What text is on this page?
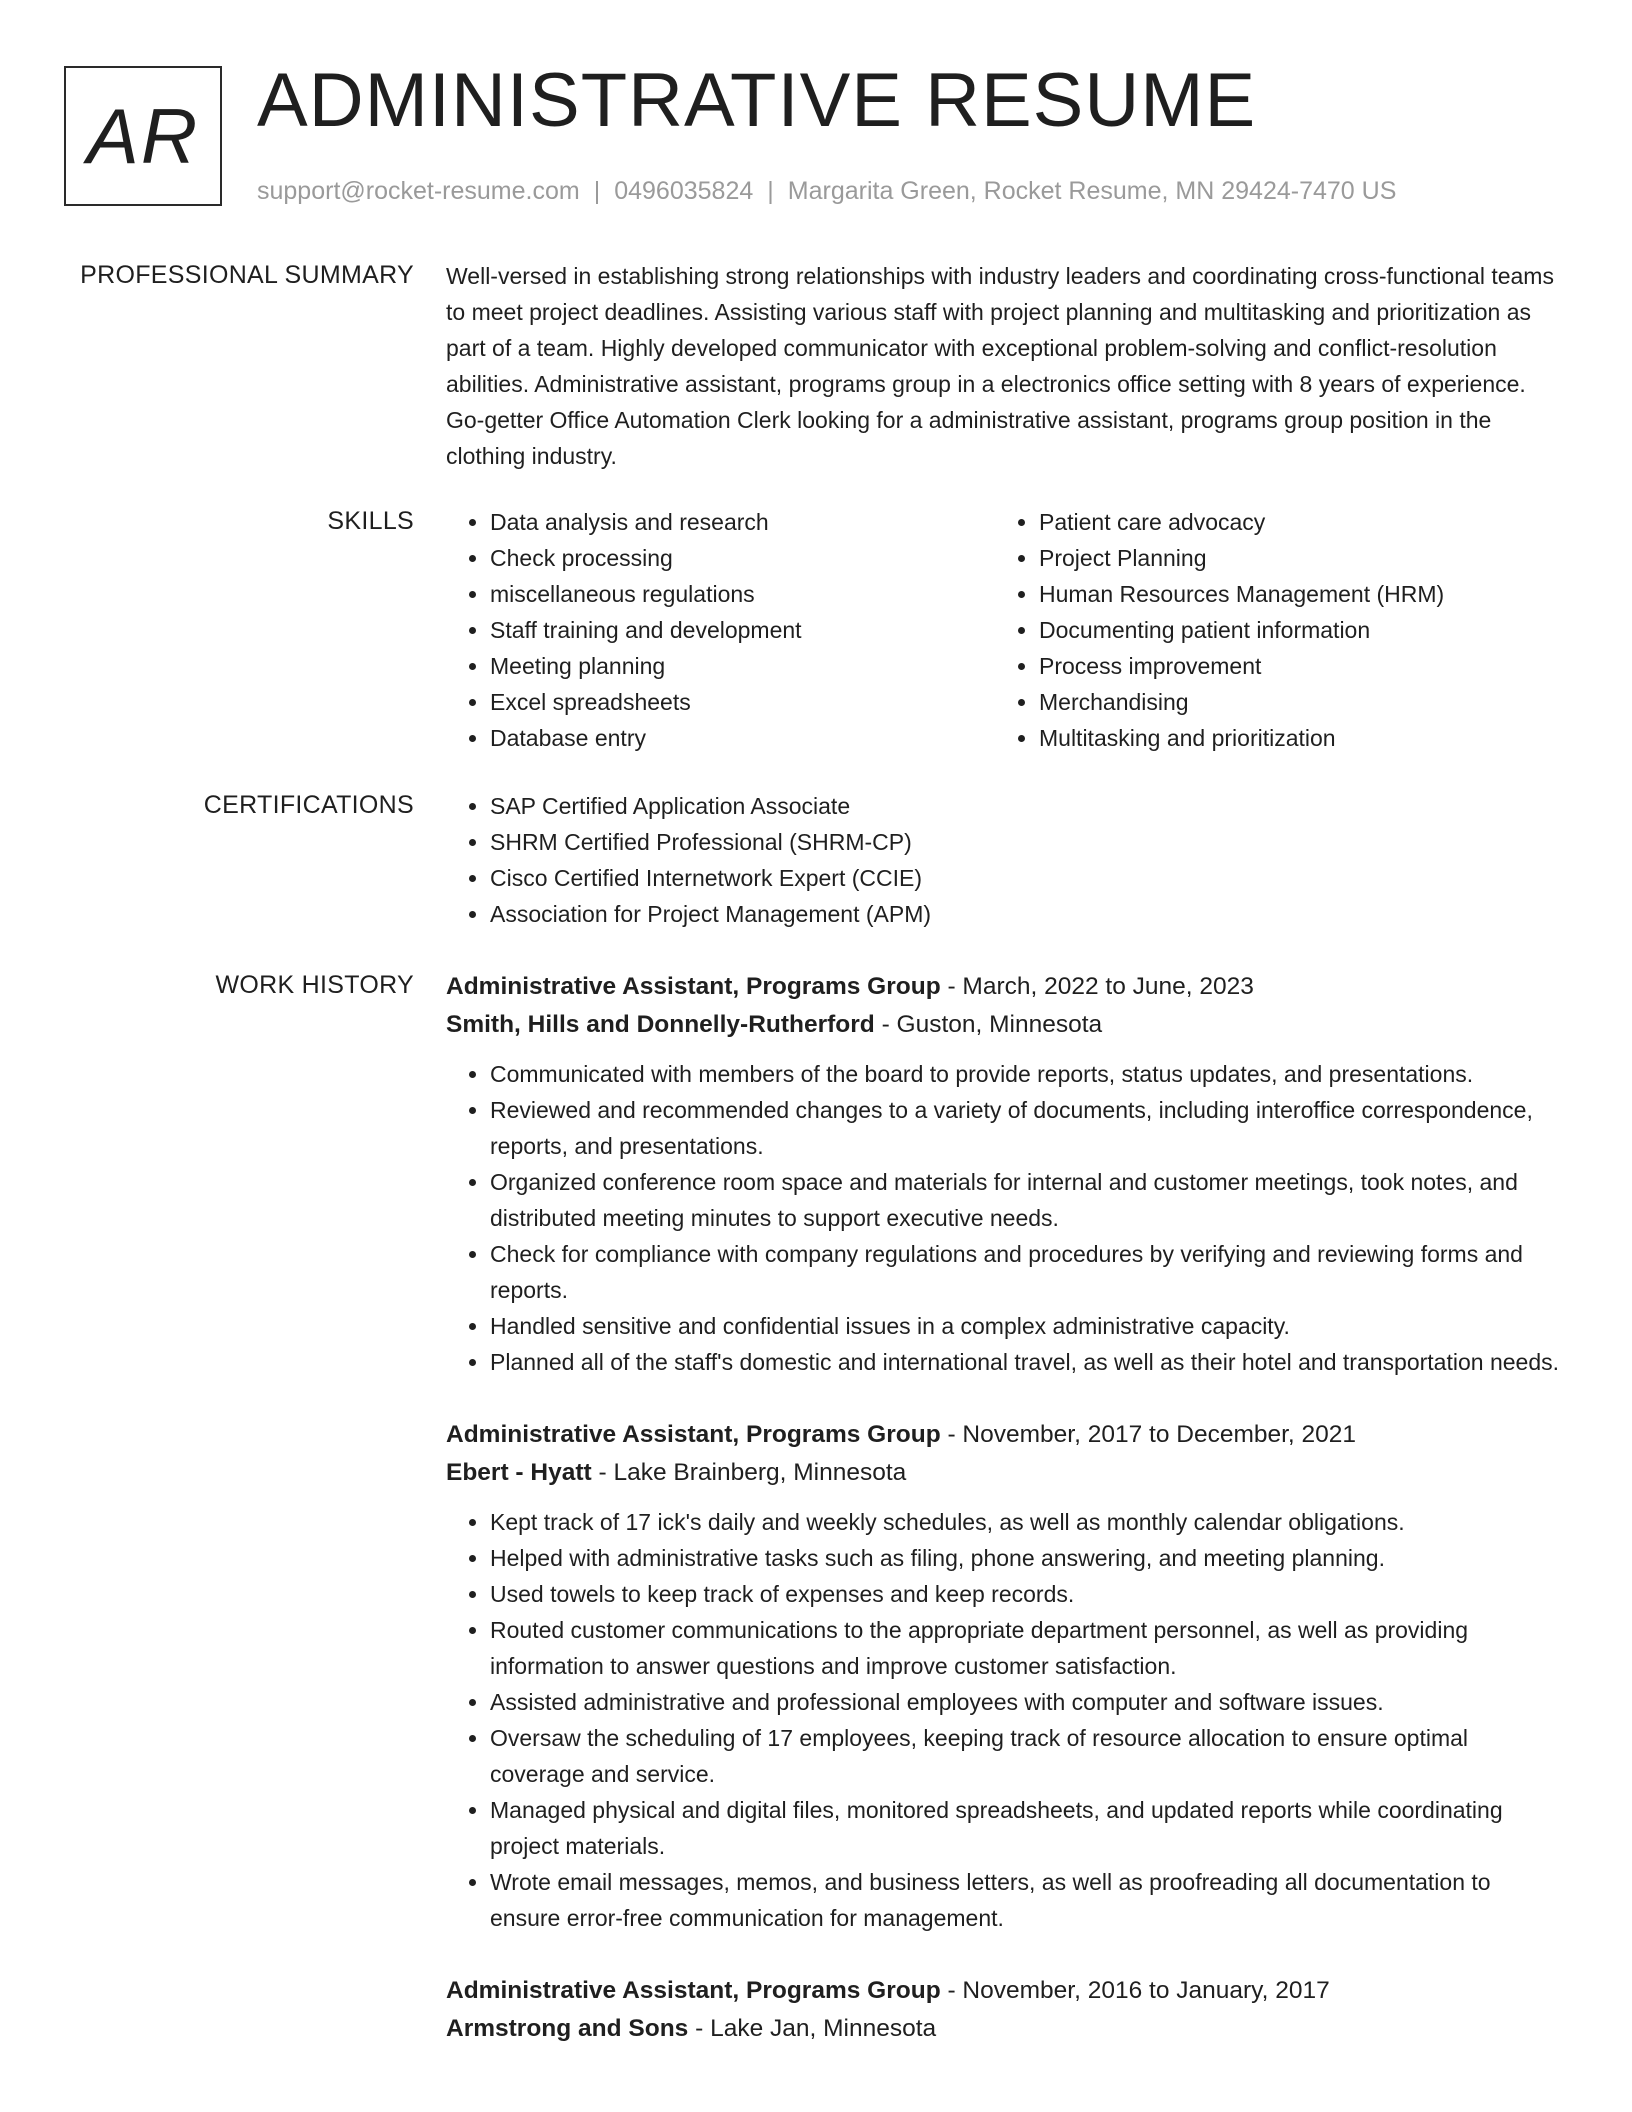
AR ADMINISTRATIVE RESUME
support@rocket-resume.com | 0496035824 | Margarita Green, Rocket Resume, MN 29424-7470 US
PROFESSIONAL SUMMARY Well-versed in establishing strong relationships with industry leaders and coordinating cross-functional teams to meet project deadlines. Assisting various staff with project planning and multitasking and prioritization as part of a team. Highly developed communicator with exceptional problem-solving and conflict-resolution abilities. Administrative assistant, programs group in a electronics office setting with 8 years of experience. Go-getter Office Automation Clerk looking for a administrative assistant, programs group position in the clothing industry.
SKILLS	• Data analysis and research
• Check processing
• miscellaneous regulations
• Staff training and development
• Meeting planning
• Excel spreadsheets
• Database entry
• Patient care advocacy
• Project Planning
• Human Resources Management (HRM)
• Documenting patient information
• Process improvement
• Merchandising
• Multitasking and prioritization
CERTIFICATIONS	• SAP Certified Application Associate
• SHRM Certified Professional (SHRM-CP)
• Cisco Certified Internetwork Expert (CCIE)
• Association for Project Management (APM)
WORK HISTORY Administrative Assistant, Programs Group - March, 2022 to June, 2023
Smith, Hills and Donnelly-Rutherford - Guston, Minnesota
• Communicated with members of the board to provide reports, status updates, and presentations.
• Reviewed and recommended changes to a variety of documents, including interoffice correspondence, reports, and presentations.
• Organized conference room space and materials for internal and customer meetings, took notes, and distributed meeting minutes to support executive needs.
• Check for compliance with company regulations and procedures by verifying and reviewing forms and reports.
• Handled sensitive and confidential issues in a complex administrative capacity.
• Planned all of the staff's domestic and international travel, as well as their hotel and transportation needs.
Administrative Assistant, Programs Group - November, 2017 to December, 2021
Ebert - Hyatt - Lake Brainberg, Minnesota
• Kept track of 17 ick's daily and weekly schedules, as well as monthly calendar obligations.
• Helped with administrative tasks such as filing, phone answering, and meeting planning.
• Used towels to keep track of expenses and keep records.
• Routed customer communications to the appropriate department personnel, as well as providing information to answer questions and improve customer satisfaction.
• Assisted administrative and professional employees with computer and software issues.
• Oversaw the scheduling of 17 employees, keeping track of resource allocation to ensure optimal coverage and service.
• Managed physical and digital files, monitored spreadsheets, and updated reports while coordinating project materials.
• Wrote email messages, memos, and business letters, as well as proofreading all documentation to ensure error-free communication for management.
Administrative Assistant, Programs Group - November, 2016 to January, 2017
Armstrong and Sons - Lake Jan, Minnesota
